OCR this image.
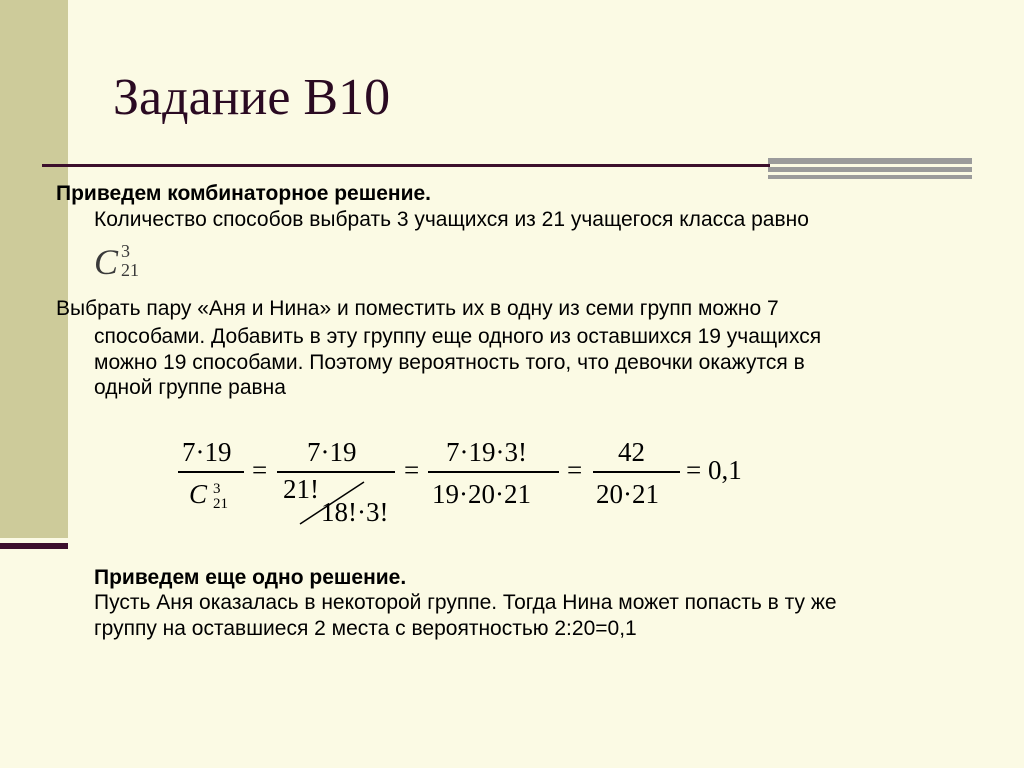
Задание В10
Приведем комбинаторное решение.
Количество способов выбрать 3 учащихся из 21 учащегося класса равно
C 3
21
Выбрать пару «Аня и Нина» и поместить их в одну из семи групп можно 7
способами. Добавить в эту группу еще одного из оставшихся 19 учащихся
можно 19 способами. Поэтому вероятность того, что девочки окажутся в
одной группе равна
7·19
C 3
21
=
7·19
21!
18!·3!
=
7·19·3!
19·20·21
=
42
20·21
= 0,1
Приведем еще одно решение.
Пусть Аня оказалась в некоторой группе. Тогда Нина может попасть в ту же
группу на оставшиеся 2 места с вероятностью 2:20=0,1
